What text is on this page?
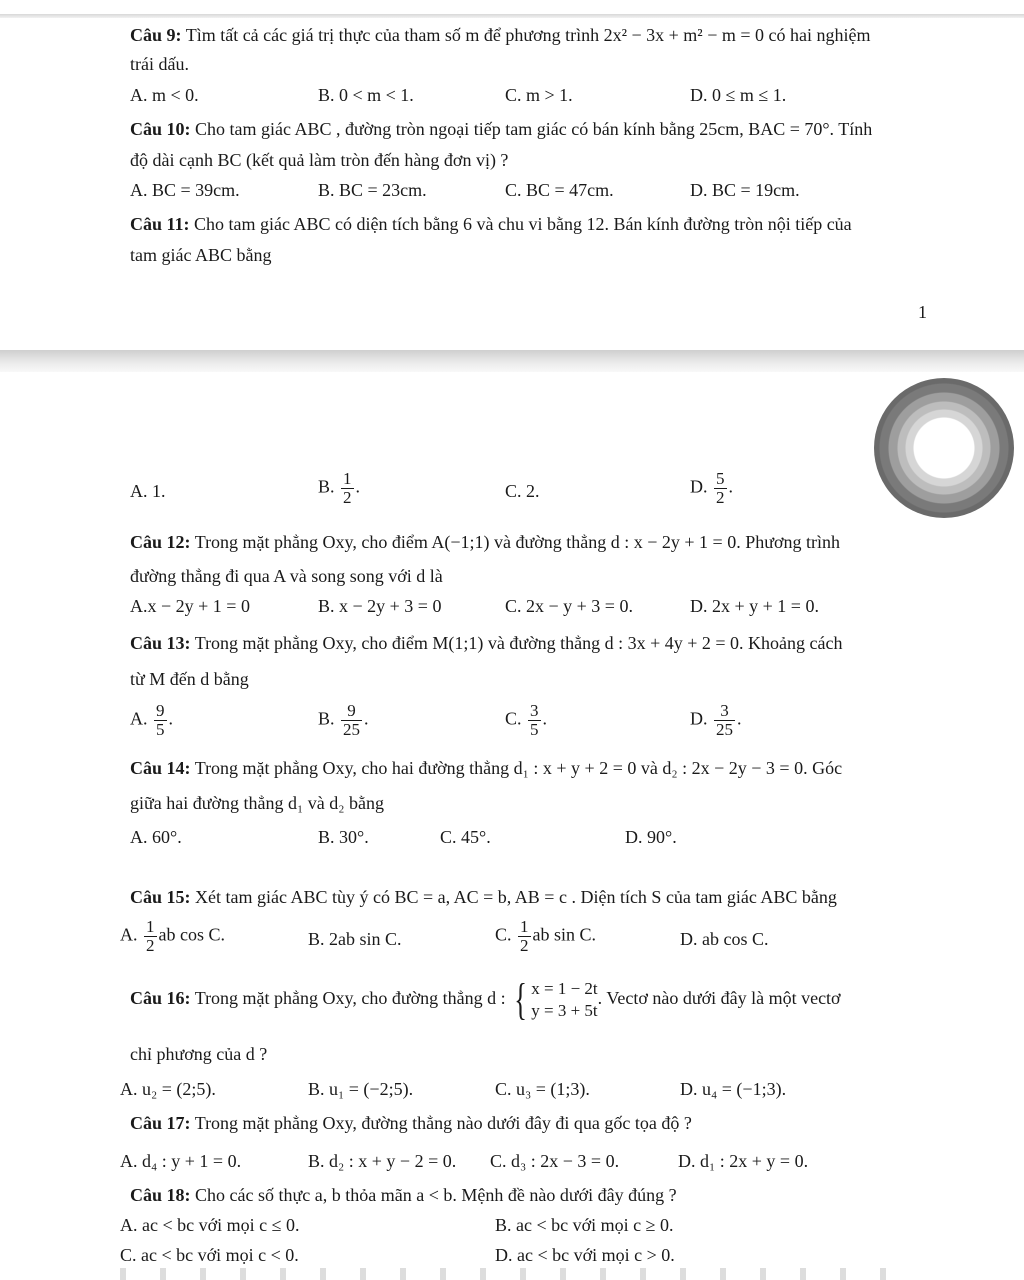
Câu 9: Tìm tất cả các giá trị thực của tham số m để phương trình 2x² − 3x + m² − m = 0 có hai nghiệm
trái dấu.
A. m < 0.	B. 0 < m < 1.	C. m > 1.	D. 0 ≤ m ≤ 1.
Câu 10: Cho tam giác ABC , đường tròn ngoại tiếp tam giác có bán kính bằng 25cm, BAC = 70°. Tính
độ dài cạnh BC (kết quả làm tròn đến hàng đơn vị) ?
A. BC = 39cm.	B. BC = 23cm.	C. BC = 47cm.	D. BC = 19cm.
Câu 11: Cho tam giác ABC có diện tích bằng 6 và chu vi bằng 12. Bán kính đường tròn nội tiếp của
tam giác ABC bằng
1
A. 1.	B. $\frac{1}{2}$ .	C. 2.	D. $\frac{5}{2}$ .
Câu 12: Trong mặt phẳng Oxy, cho điểm A(−1;1) và đường thẳng d : x − 2y + 1 = 0. Phương trình
đường thẳng đi qua A và song song với d là
A.x − 2y + 1 = 0	B. x − 2y + 3 = 0	C. 2x − y + 3 = 0.	D. 2x + y + 1 = 0.
Câu 13: Trong mặt phẳng Oxy, cho điểm M(1;1) và đường thẳng d : 3x + 4y + 2 = 0. Khoảng cách
từ M đến d bằng
A. $\frac{9}{5}$ .	B. $\frac{9}{25}$ .	C. $\frac{3}{5}$ .	D. $\frac{3}{25}$ .
Câu 14: Trong mặt phẳng Oxy, cho hai đường thẳng d₁ : x + y + 2 = 0 và d₂ : 2x − 2y − 3 = 0. Góc
giữa hai đường thẳng d₁ và d₂ bằng
A. 60°.	B. 30°.	C. 45°.	D. 90°.
Câu 15: Xét tam giác ABC tùy ý có BC = a, AC = b, AB = c . Diện tích S của tam giác ABC bằng
A. $\frac{1}{2}$ ab cos C.	B. 2ab sin C.	C. $\frac{1}{2}$ ab sin C.	D. ab cos C.
Câu 16: Trong mặt phẳng Oxy, cho đường thẳng d : { x = 1 − 2t
y = 3 + 5t
. Vectơ nào dưới đây là một vectơ
chỉ phương của d ?
A. u₂ = (2;5).	B. u₁ = (−2;5).	C. u₃ = (1;3).	D. u₄ = (−1;3).
Câu 17: Trong mặt phẳng Oxy, đường thẳng nào dưới đây đi qua gốc tọa độ ?
A. d₄ : y + 1 = 0.	B. d₂ : x + y − 2 = 0. C. d₃ : 2x − 3 = 0.	D. d₁ : 2x + y = 0.
Câu 18: Cho các số thực a, b thỏa mãn a < b. Mệnh đề nào dưới đây đúng ?
A. ac < bc với mọi c ≤ 0.	B. ac < bc với mọi c ≥ 0.
C. ac < bc với mọi c < 0.	D. ac < bc với mọi c > 0.
